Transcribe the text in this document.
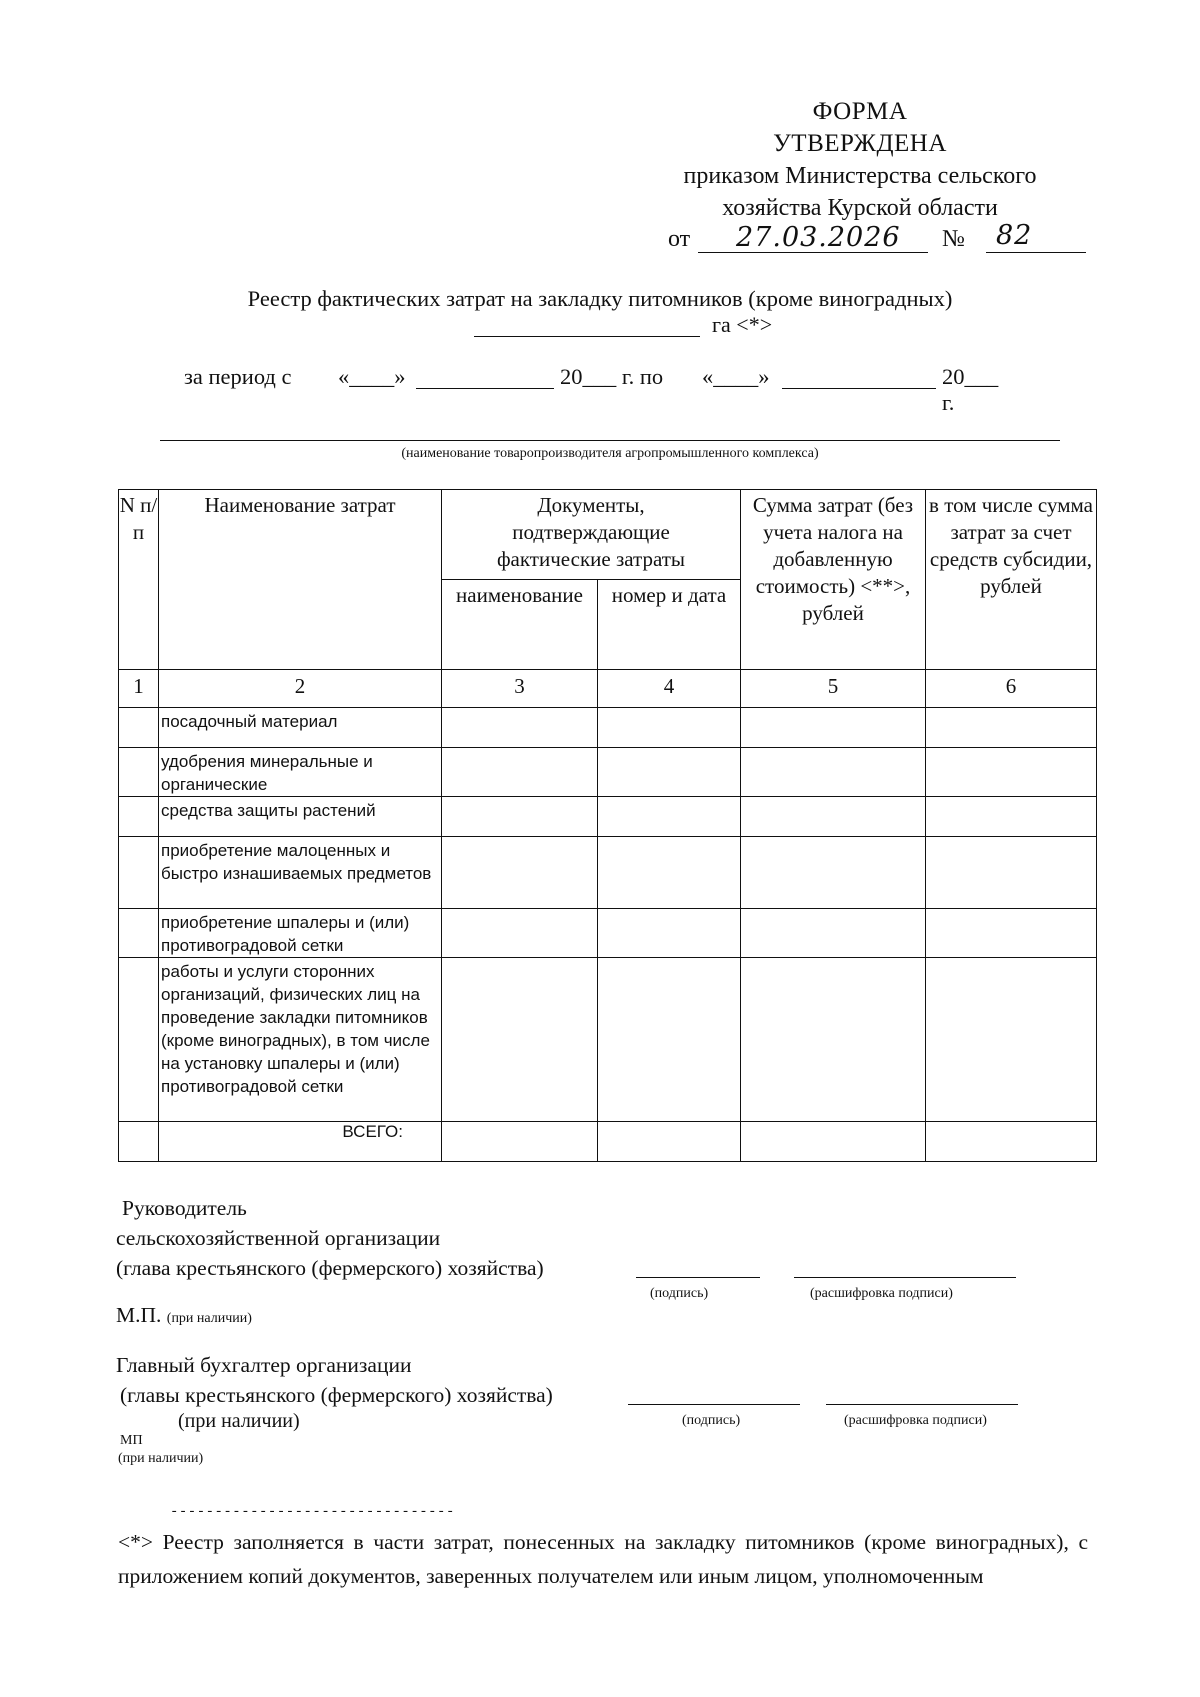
ФОРМА
УТВЕРЖДЕНА
приказом Министерства сельского
хозяйства Курской области
от 27.03.2026 № 82
Реестр фактических затрат на закладку питомников (кроме виноградных)
га <*>
за период с «____»	20___ г. по «____»	20___ г.
(наименование товаропроизводителя агропромышленного комплекса)
N п/п	Наименование затрат	Документы, подтверждающие фактические затраты		Сумма затрат (без учета налога на добавленную стоимость) <**>, рублей	в том числе сумма затрат за счет средств субсидии, рублей
		наименование	номер и дата		
1	2	3	4	5	6
	посадочный материал				
	удобрения минеральные и органические				
	средства защиты растений				
	приобретение малоценных и быстро изнашиваемых предметов				
	приобретение шпалеры и (или) противоградовой сетки				
	работы и услуги сторонних организаций, физических лиц на проведение закладки питомников (кроме виноградных), в том числе на установку шпалеры и (или) противоградовой сетки				
	ВСЕГО:				
Руководитель
сельскохозяйственной организации
(глава крестьянского (фермерского) хозяйства)
(подпись)	(расшифровка подписи)
М.П. (при наличии)
Главный бухгалтер организации
(главы крестьянского (фермерского) хозяйства)
(при наличии)	(подпись)	(расшифровка подписи)
МП
(при наличии)
--------------------------------
<*> Реестр заполняется в части затрат, понесенных на закладку питомников (кроме виноградных), с приложением копий документов, заверенных получателем или иным лицом, уполномоченным
